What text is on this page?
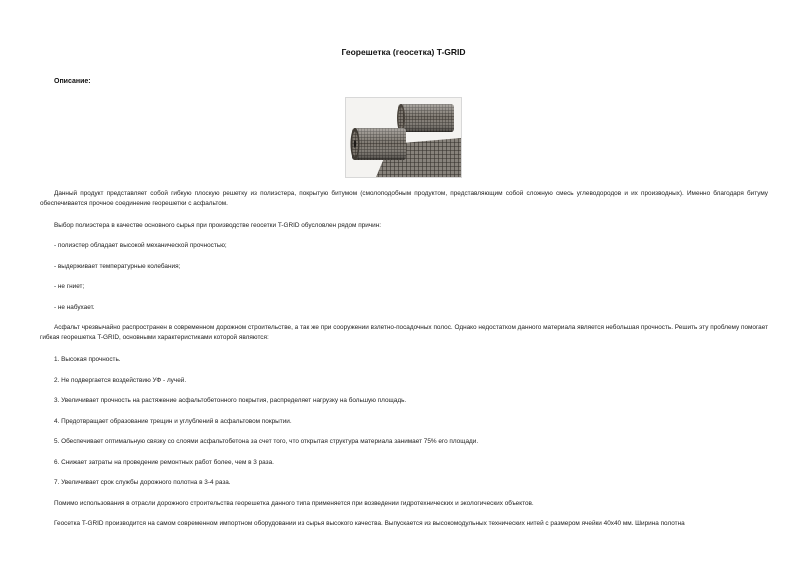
Георешетка (геосетка) T-GRID
Описание:
Данный продукт представляет собой гибкую плоскую решетку из полиэстера, покрытую битумом (смолоподобным продуктом, представляющим собой сложную смесь углеводородов и их производных). Именно благодаря битуму обеспечивается прочное соединение георешетки с асфальтом.
Выбор полиэстера в качестве основного сырья при производстве геосетки T-GRID обусловлен рядом причин:
- полиэстер обладает высокой механической прочностью;
- выдерживает температурные колебания;
- не гниет;
- не набухает.
Асфальт чрезвычайно распространен в современном дорожном строительстве, а так же при сооружении взлетно-посадочных полос. Однако недостатком данного материала является небольшая прочность. Решить эту проблему помогает гибкая георешетка T-GRID, основными характеристиками которой являются:
1. Высокая прочность.
2. Не подвергается воздействию УФ - лучей.
3. Увеличивает прочность на растяжение асфальтобетонного покрытия, распределяет нагрузку на большую площадь.
4. Предотвращает образование трещин и углублений в асфальтовом покрытии.
5. Обеспечивает оптимальную связку со слоями асфальтобетона за счет того, что открытая структура материала занимает 75% его площади.
6. Снижает затраты на проведение ремонтных работ более, чем в 3 раза.
7. Увеличивает срок службы дорожного полотна в 3-4 раза.
Помимо использования в отрасли дорожного строительства георешетка данного типа применяется при возведении гидротехнических и экологических объектов.
Геосетка T-GRID производится на самом современном импортном оборудовании из сырья высокого качества. Выпускается из высокомодульных технических нитей с размером ячейки 40х40 мм. Ширина полотна
